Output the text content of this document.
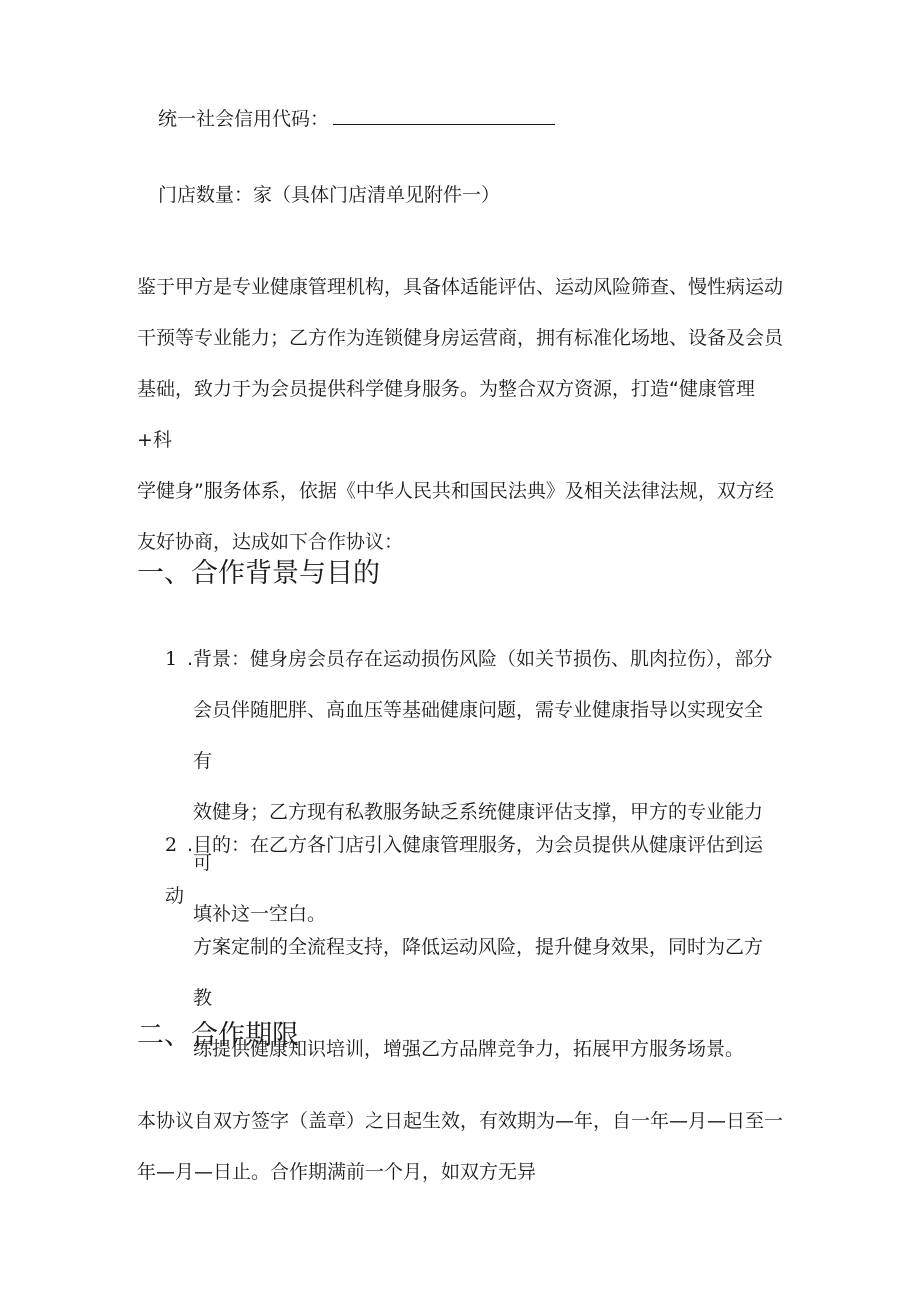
统一社会信用代码：
门店数量：家（具体门店清单见附件一）
鉴于甲方是专业健康管理机构，具备体适能评估、运动风险筛查、慢性病运动
干预等专业能力；乙方作为连锁健身房运营商，拥有标准化场地、设备及会员
基础，致力于为会员提供科学健身服务。为整合双方资源，打造“健康管理+科
学健身”服务体系，依据《中华人民共和国民法典》及相关法律法规，双方经
友好协商，达成如下合作协议：
一、合作背景与目的
1 .背景：健身房会员存在运动损伤风险（如关节损伤、肌肉拉伤），部分
会员伴随肥胖、高血压等基础健康问题，需专业健康指导以实现安全有
效健身；乙方现有私教服务缺乏系统健康评估支撑，甲方的专业能力可
填补这一空白。
2 .目的：在乙方各门店引入健康管理服务，为会员提供从健康评估到运动
方案定制的全流程支持，降低运动风险，提升健身效果，同时为乙方教
练提供健康知识培训，增强乙方品牌竞争力，拓展甲方服务场景。
二、合作期限
本协议自双方签字（盖章）之日起生效，有效期为—年，自一年—月—日至一
年—月—日止。合作期满前一个月，如双方无异
